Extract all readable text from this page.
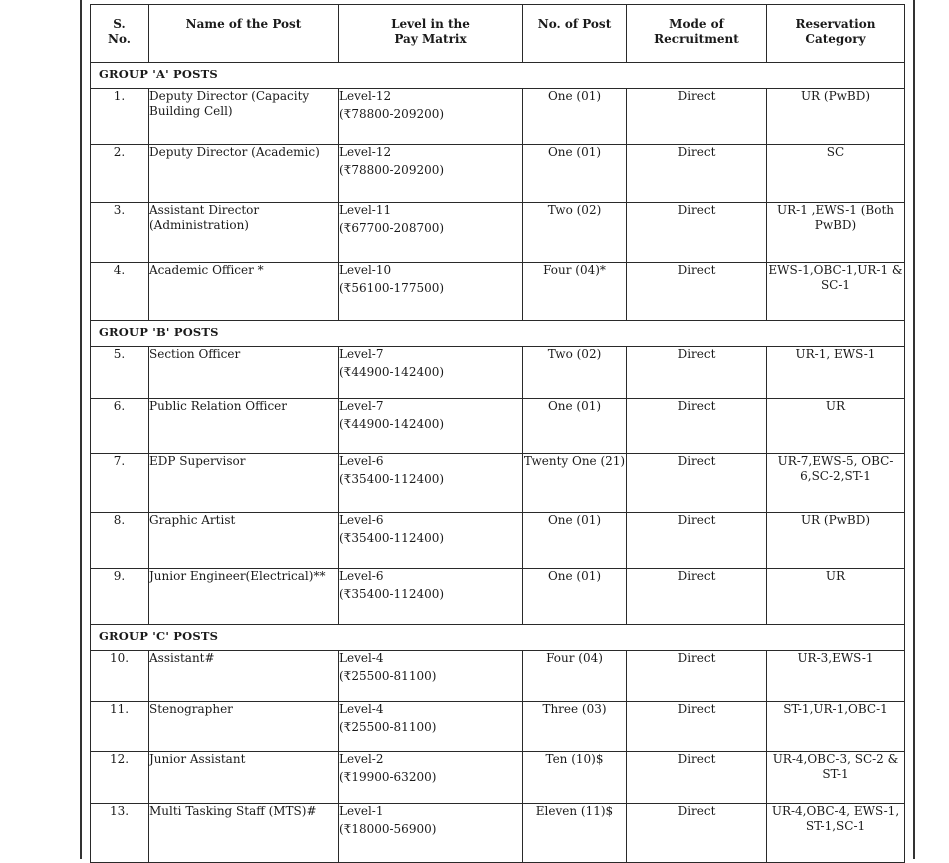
S.
No.	Name of the Post	Level in the
Pay Matrix	No. of Post	Mode of
Recruitment	Reservation
Category
GROUP 'A' POSTS					
1.	Deputy Director (Capacity Building Cell)	Level-12
(₹78800-209200)	One (01)	Direct	UR (PwBD)
2.	Deputy Director (Academic)	Level-12
(₹78800-209200)	One (01)	Direct	SC
3.	Assistant Director (Administration)	Level-11
(₹67700-208700)	Two (02)	Direct	UR-1 ,EWS-1 (Both PwBD)
4.	Academic Officer *	Level-10
(₹56100-177500)	Four (04)*	Direct	EWS-1,OBC-1,UR-1 & SC-1
GROUP 'B' POSTS					
5.	Section Officer	Level-7
(₹44900-142400)	Two (02)	Direct	UR-1, EWS-1
6.	Public Relation Officer	Level-7
(₹44900-142400)	One (01)	Direct	UR
7.	EDP Supervisor	Level-6
(₹35400-112400)	Twenty One (21)	Direct	UR-7,EWS-5, OBC-6,SC-2,ST-1
8.	Graphic Artist	Level-6
(₹35400-112400)	One (01)	Direct	UR (PwBD)
9.	Junior Engineer(Electrical)**	Level-6
(₹35400-112400)	One (01)	Direct	UR
GROUP 'C' POSTS					
10.	Assistant#	Level-4
(₹25500-81100)	Four (04)	Direct	UR-3,EWS-1
11.	Stenographer	Level-4
(₹25500-81100)	Three (03)	Direct	ST-1,UR-1,OBC-1
12.	Junior Assistant	Level-2
(₹19900-63200)	Ten (10)$	Direct	UR-4,OBC-3, SC-2 & ST-1
13.	Multi Tasking Staff (MTS)#	Level-1
(₹18000-56900)	Eleven (11)$	Direct	UR-4,OBC-4, EWS-1, ST-1,SC-1
